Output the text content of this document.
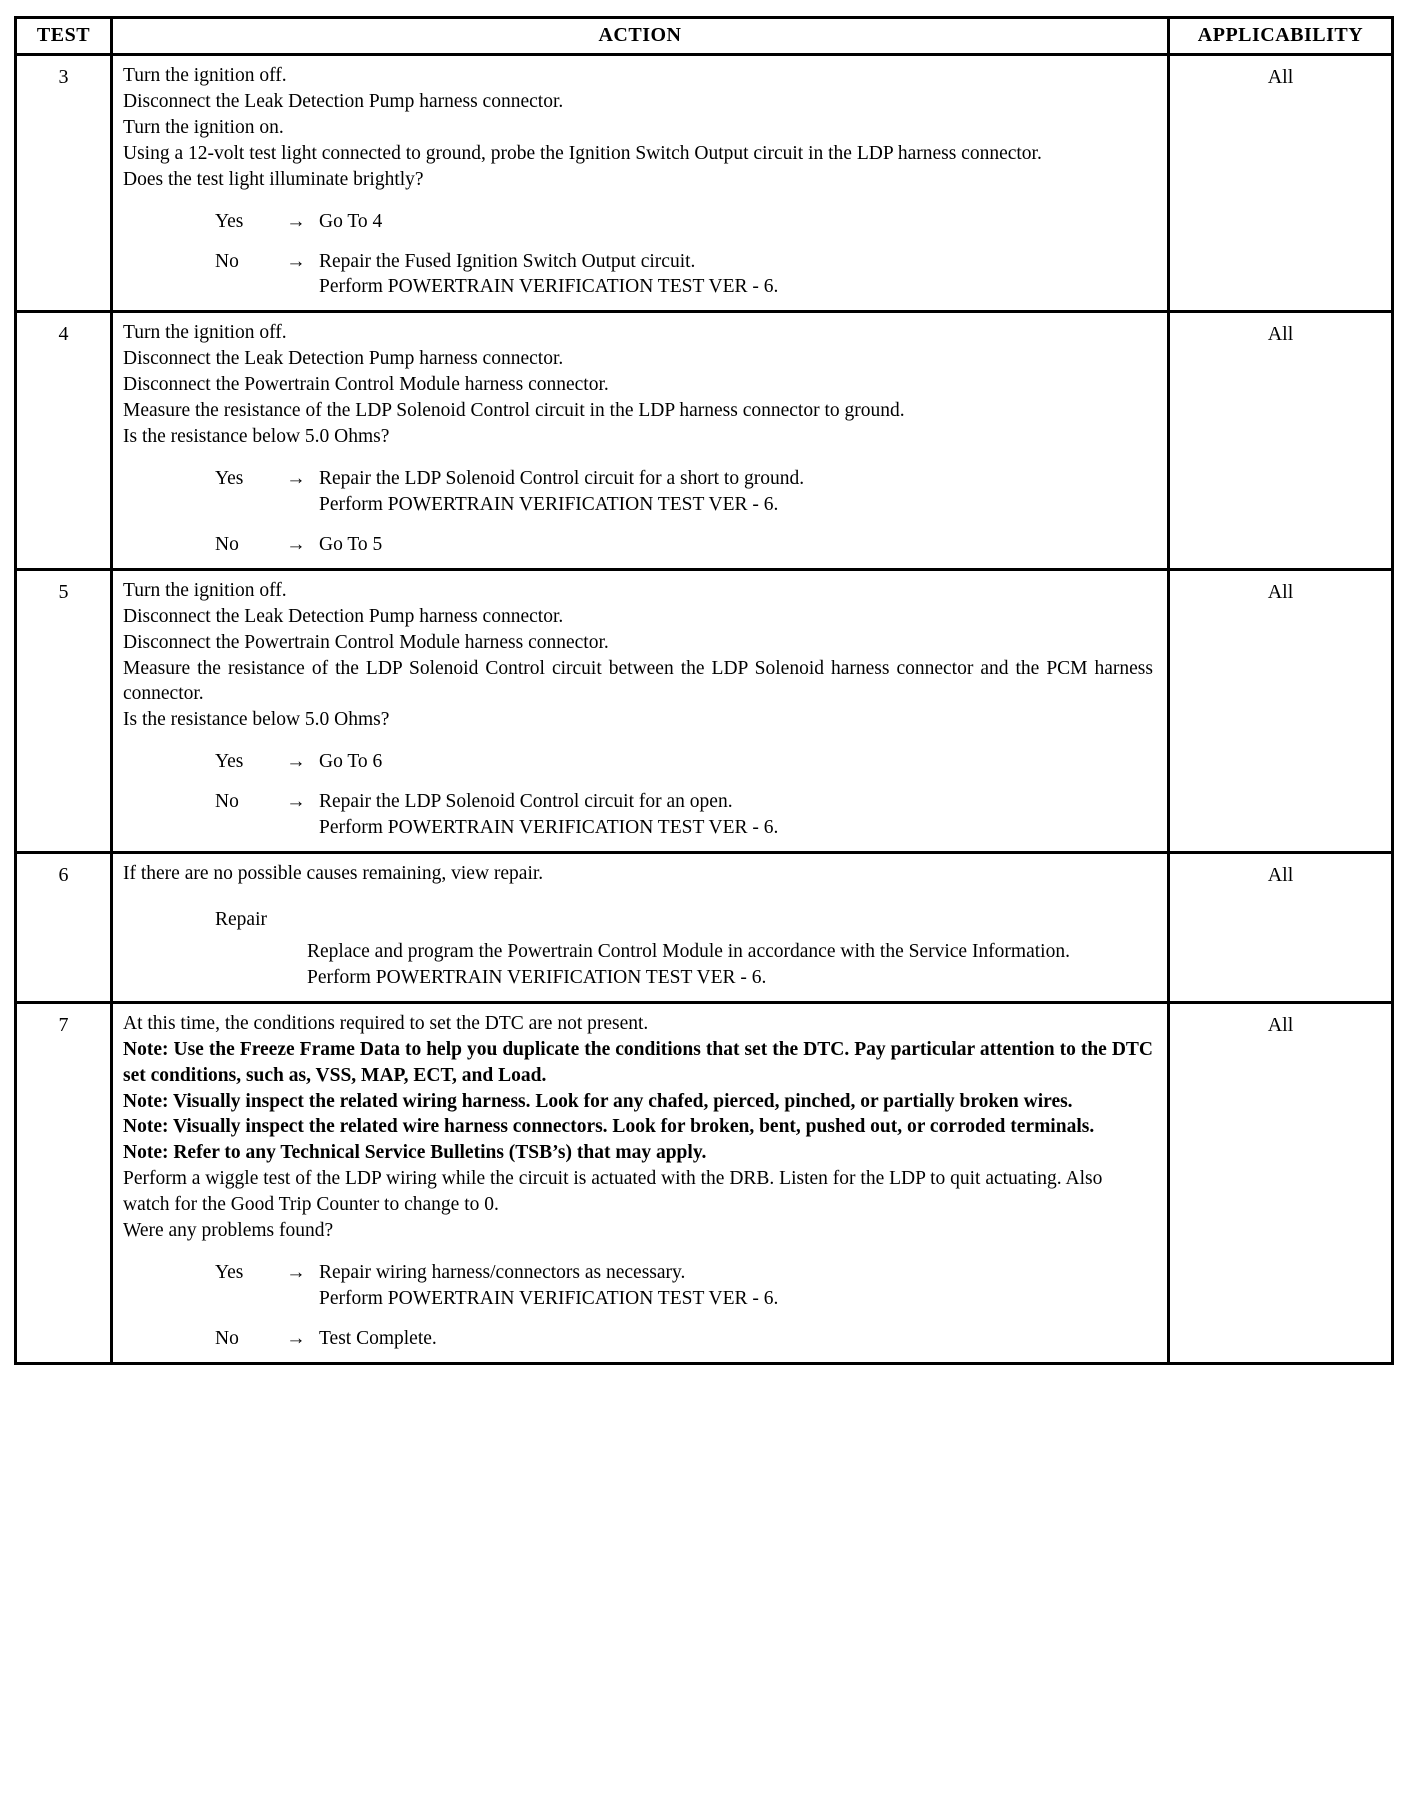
TEST	ACTION	APPLICABILITY
3	Turn the ignition off.
Disconnect the Leak Detection Pump harness connector.
Turn the ignition on.
Using a 12-volt test light connected to ground, probe the Ignition Switch Output circuit in the LDP harness connector.
Does the test light illuminate brightly?
Yes	→ Go To 4
No	→ Repair the Fused Ignition Switch Output circuit.
Perform POWERTRAIN VERIFICATION TEST VER - 6.
	All
4	Turn the ignition off.
Disconnect the Leak Detection Pump harness connector.
Disconnect the Powertrain Control Module harness connector.
Measure the resistance of the LDP Solenoid Control circuit in the LDP harness connector to ground.
Is the resistance below 5.0 Ohms?
Yes	→ Repair the LDP Solenoid Control circuit for a short to ground.
Perform POWERTRAIN VERIFICATION TEST VER - 6.
No	→ Go To 5
	All
5	Turn the ignition off.
Disconnect the Leak Detection Pump harness connector.
Disconnect the Powertrain Control Module harness connector.
Measure the resistance of the LDP Solenoid Control circuit between the LDP Solenoid harness connector and the PCM harness connector.
Is the resistance below 5.0 Ohms?
Yes	→ Go To 6
No	→ Repair the LDP Solenoid Control circuit for an open.
Perform POWERTRAIN VERIFICATION TEST VER - 6.
	All
6	If there are no possible causes remaining, view repair.
Repair
Replace and program the Powertrain Control Module in accordance with the Service Information.
Perform POWERTRAIN VERIFICATION TEST VER - 6.	All
7	At this time, the conditions required to set the DTC are not present.
Note: Use the Freeze Frame Data to help you duplicate the conditions that set the DTC. Pay particular attention to the DTC set conditions, such as, VSS, MAP, ECT, and Load.
Note: Visually inspect the related wiring harness. Look for any chafed, pierced, pinched, or partially broken wires.
Note: Visually inspect the related wire harness connectors. Look for broken, bent, pushed out, or corroded terminals.
Note: Refer to any Technical Service Bulletins (TSB’s) that may apply.
Perform a wiggle test of the LDP wiring while the circuit is actuated with the DRB. Listen for the LDP to quit actuating. Also watch for the Good Trip Counter to change to 0.
Were any problems found?
Yes	→ Repair wiring harness/connectors as necessary.
Perform POWERTRAIN VERIFICATION TEST VER - 6.
No	→ Test Complete.
	All
